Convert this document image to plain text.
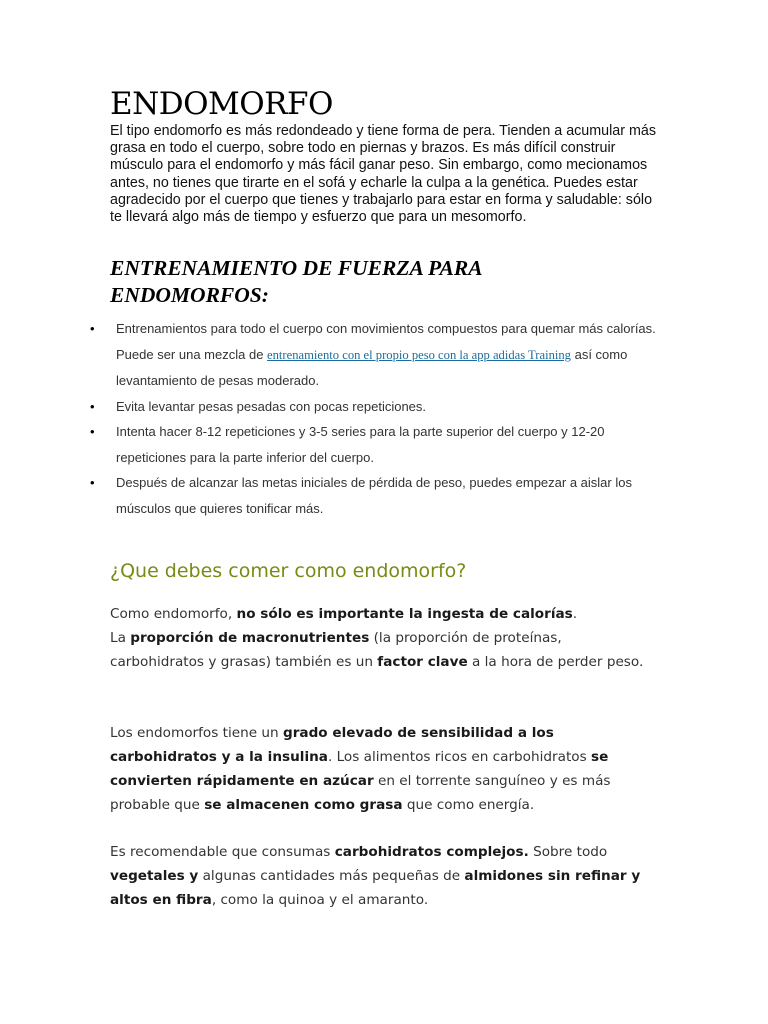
ENDOMORFO

El tipo endomorfo es más redondeado y tiene forma de pera. Tienden a acumular más grasa en todo el cuerpo, sobre todo en piernas y brazos. Es más difícil construir músculo para el endomorfo y más fácil ganar peso. Sin embargo, como mecionamos antes, no tienes que tirarte en el sofá y echarle la culpa a la genética. Puedes estar agradecido por el cuerpo que tienes y trabajarlo para estar en forma y saludable: sólo te llevará algo más de tiempo y esfuerzo que para un mesomorfo.

ENTRENAMIENTO DE FUERZA PARA ENDOMORFOS:
• Entrenamientos para todo el cuerpo con movimientos compuestos para quemar más calorías. Puede ser una mezcla de entrenamiento con el propio peso con la app adidas Training así como levantamiento de pesas moderado.
• Evita levantar pesas pesadas con pocas repeticiones.
• Intenta hacer 8-12 repeticiones y 3-5 series para la parte superior del cuerpo y 12-20 repeticiones para la parte inferior del cuerpo.
• Después de alcanzar las metas iniciales de pérdida de peso, puedes empezar a aislar los músculos que quieres tonificar más.
¿Que debes comer como endomorfo?

Como endomorfo, no sólo es importante la ingesta de calorías.
La proporción de macronutrientes (la proporción de proteínas, carbohidratos y grasas) también es un factor clave a la hora de perder peso.

Los endomorfos tiene un grado elevado de sensibilidad a los carbohidratos y a la insulina. Los alimentos ricos en carbohidratos se convierten rápidamente en azúcar en el torrente sanguíneo y es más probable que se almacenen como grasa que como energía.

Es recomendable que consumas carbohidratos complejos. Sobre todo vegetales y algunas cantidades más pequeñas de almidones sin refinar y altos en fibra, como la quinoa y el amaranto.
